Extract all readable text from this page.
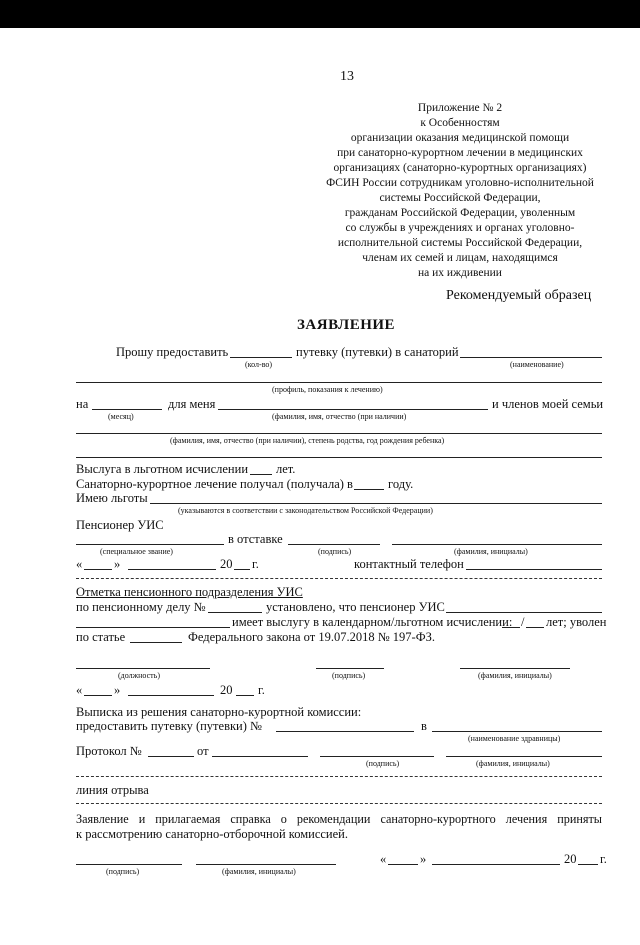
13
Приложение № 2
к Особенностям
организации оказания медицинской помощи
при санаторно-курортном лечении в медицинских
организациях (санаторно-курортных организациях)
ФСИН России сотрудникам уголовно-исполнительной
системы Российской Федерации,
гражданам Российской Федерации, уволенным
со службы в учреждениях и органах уголовно-
исполнительной системы Российской Федерации,
членам их семей и лицам, находящимся
на их иждивении
Рекомендуемый образец
ЗАЯВЛЕНИЕ
Прошу предоставить	путевку (путевки) в санаторий
(кол-во)	(наименование)
(профиль, показания к лечению)
на	для меня	и членов моей семьи
(месяц)	(фамилия, имя, отчество (при наличии)
(фамилия, имя, отчество (при наличии), степень родства, год рождения ребенка)
Выслуга в льготном исчислении лет.
Санаторно-курортное лечение получал (получала) в	году.
Имею льготы
(указываются в соответствии с законодательством Российской Федерации)
Пенсионер УИС
в отставке
(специальное звание)	(подпись)	(фамилия, инициалы)
«	»	20 г.	контактный телефон
Отметка пенсионного подразделения УИС
по пенсионному делу №	установлено, что пенсионер УИС
имеет выслугу в календарном/льготном исчислении: / лет; уволен
по статье	Федерального закона от 19.07.2018 № 197-ФЗ.
(должность)	(подпись)	(фамилия, инициалы)
«	»	20 г.
Выписка из решения санаторно-курортной комиссии:
предоставить путевку (путевки) №	в
(наименование здравницы)
Протокол №	от
(подпись)	(фамилия, инициалы)
линия отрыва
Заявление и прилагаемая справка о рекомендации санаторно-курортного лечения приняты
к рассмотрению санаторно-отборочной комиссией.
«	»	20 г.
(подпись)	(фамилия, инициалы)
